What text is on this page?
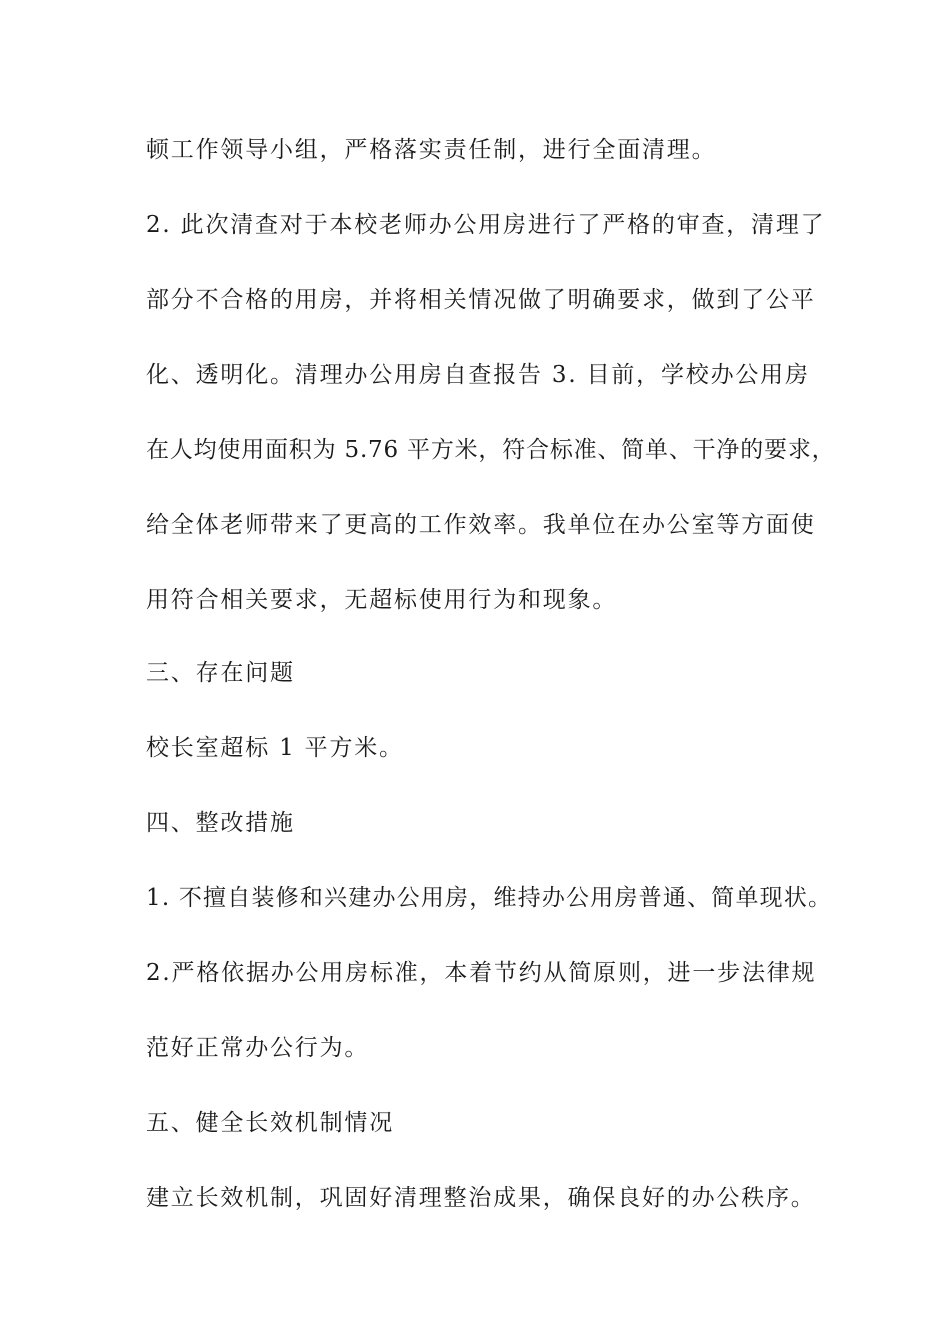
顿工作领导小组，严格落实责任制，进行全面清理。
2. 此次清查对于本校老师办公用房进行了严格的审查，清理了
部分不合格的用房，并将相关情况做了明确要求，做到了公平
化、透明化。清理办公用房自查报告 3. 目前，学校办公用房
在人均使用面积为 5.76 平方米，符合标准、简单、干净的要求，
给全体老师带来了更高的工作效率。我单位在办公室等方面使
用符合相关要求，无超标使用行为和现象。
三、存在问题
校长室超标 1 平方米。
四、整改措施
1. 不擅自装修和兴建办公用房，维持办公用房普通、简单现状。
2.严格依据办公用房标准，本着节约从简原则，进一步法律规
范好正常办公行为。
五、健全长效机制情况
建立长效机制，巩固好清理整治成果，确保良好的办公秩序。
